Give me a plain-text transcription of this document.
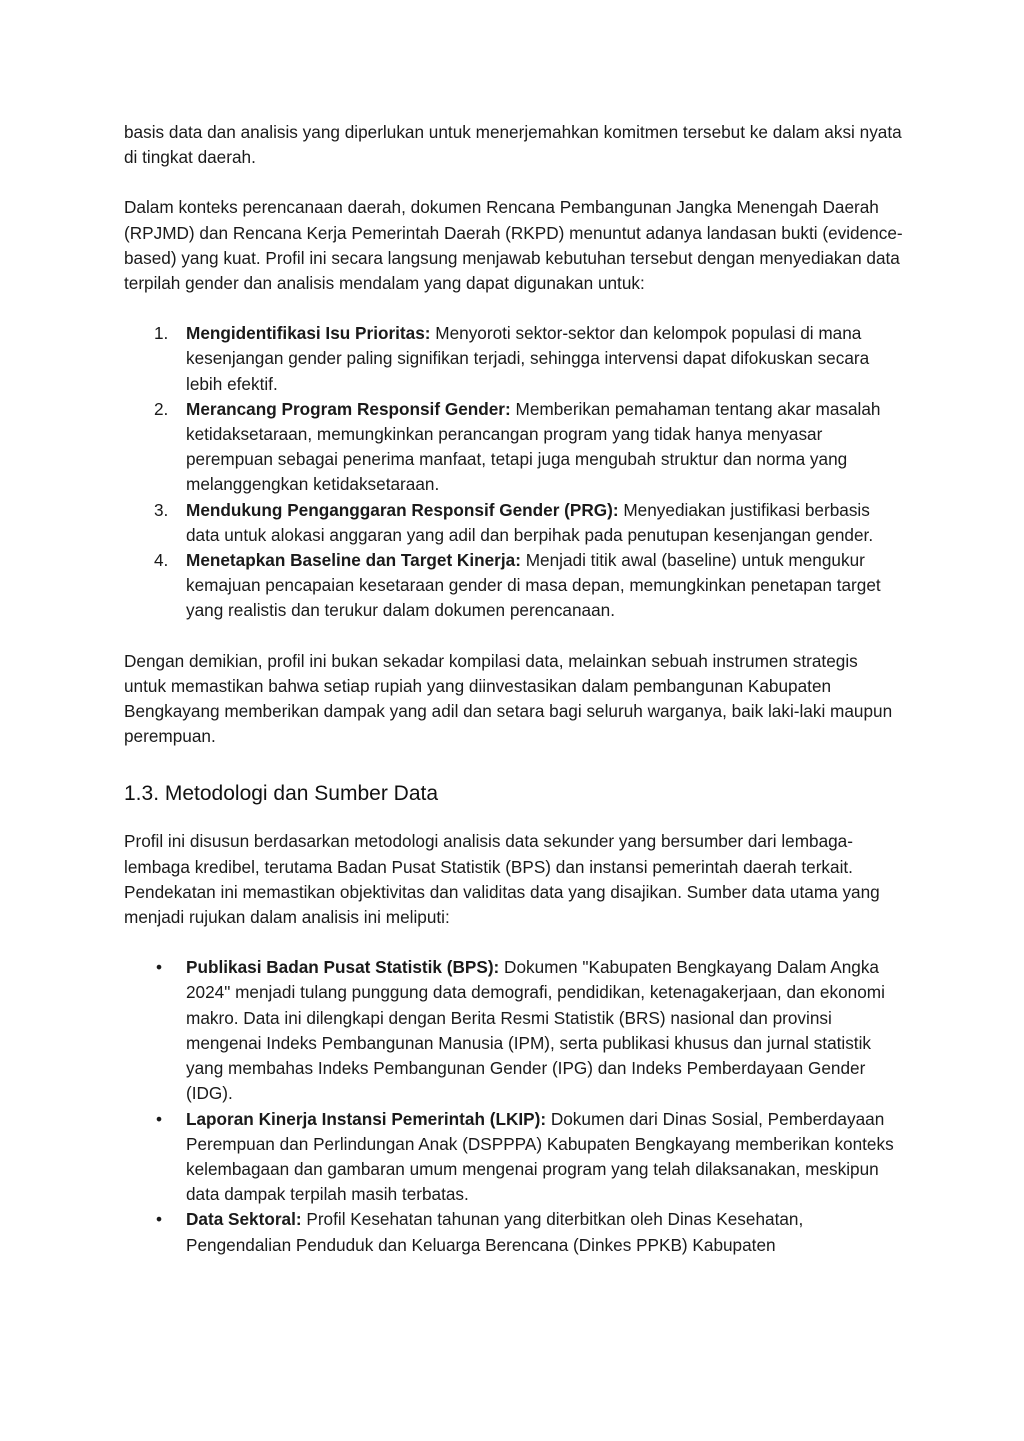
basis data dan analisis yang diperlukan untuk menerjemahkan komitmen tersebut ke dalam aksi nyata di tingkat daerah.

Dalam konteks perencanaan daerah, dokumen Rencana Pembangunan Jangka Menengah Daerah (RPJMD) dan Rencana Kerja Pemerintah Daerah (RKPD) menuntut adanya landasan bukti (evidence-based) yang kuat. Profil ini secara langsung menjawab kebutuhan tersebut dengan menyediakan data terpilah gender dan analisis mendalam yang dapat digunakan untuk:

1. Mengidentifikasi Isu Prioritas: Menyoroti sektor-sektor dan kelompok populasi di mana kesenjangan gender paling signifikan terjadi, sehingga intervensi dapat difokuskan secara lebih efektif.
2. Merancang Program Responsif Gender: Memberikan pemahaman tentang akar masalah ketidaksetaraan, memungkinkan perancangan program yang tidak hanya menyasar perempuan sebagai penerima manfaat, tetapi juga mengubah struktur dan norma yang melanggengkan ketidaksetaraan.
3. Mendukung Penganggaran Responsif Gender (PRG): Menyediakan justifikasi berbasis data untuk alokasi anggaran yang adil dan berpihak pada penutupan kesenjangan gender.
4. Menetapkan Baseline dan Target Kinerja: Menjadi titik awal (baseline) untuk mengukur kemajuan pencapaian kesetaraan gender di masa depan, memungkinkan penetapan target yang realistis dan terukur dalam dokumen perencanaan.

Dengan demikian, profil ini bukan sekadar kompilasi data, melainkan sebuah instrumen strategis untuk memastikan bahwa setiap rupiah yang diinvestasikan dalam pembangunan Kabupaten Bengkayang memberikan dampak yang adil dan setara bagi seluruh warganya, baik laki-laki maupun perempuan.

1.3. Metodologi dan Sumber Data

Profil ini disusun berdasarkan metodologi analisis data sekunder yang bersumber dari lembaga-lembaga kredibel, terutama Badan Pusat Statistik (BPS) dan instansi pemerintah daerah terkait. Pendekatan ini memastikan objektivitas dan validitas data yang disajikan. Sumber data utama yang menjadi rujukan dalam analisis ini meliputi:

• Publikasi Badan Pusat Statistik (BPS): Dokumen "Kabupaten Bengkayang Dalam Angka 2024" menjadi tulang punggung data demografi, pendidikan, ketenagakerjaan, dan ekonomi makro. Data ini dilengkapi dengan Berita Resmi Statistik (BRS) nasional dan provinsi mengenai Indeks Pembangunan Manusia (IPM), serta publikasi khusus dan jurnal statistik yang membahas Indeks Pembangunan Gender (IPG) dan Indeks Pemberdayaan Gender (IDG).
• Laporan Kinerja Instansi Pemerintah (LKIP): Dokumen dari Dinas Sosial, Pemberdayaan Perempuan dan Perlindungan Anak (DSPPPA) Kabupaten Bengkayang memberikan konteks kelembagaan dan gambaran umum mengenai program yang telah dilaksanakan, meskipun data dampak terpilah masih terbatas.
• Data Sektoral: Profil Kesehatan tahunan yang diterbitkan oleh Dinas Kesehatan, Pengendalian Penduduk dan Keluarga Berencana (Dinkes PPKB) Kabupaten
